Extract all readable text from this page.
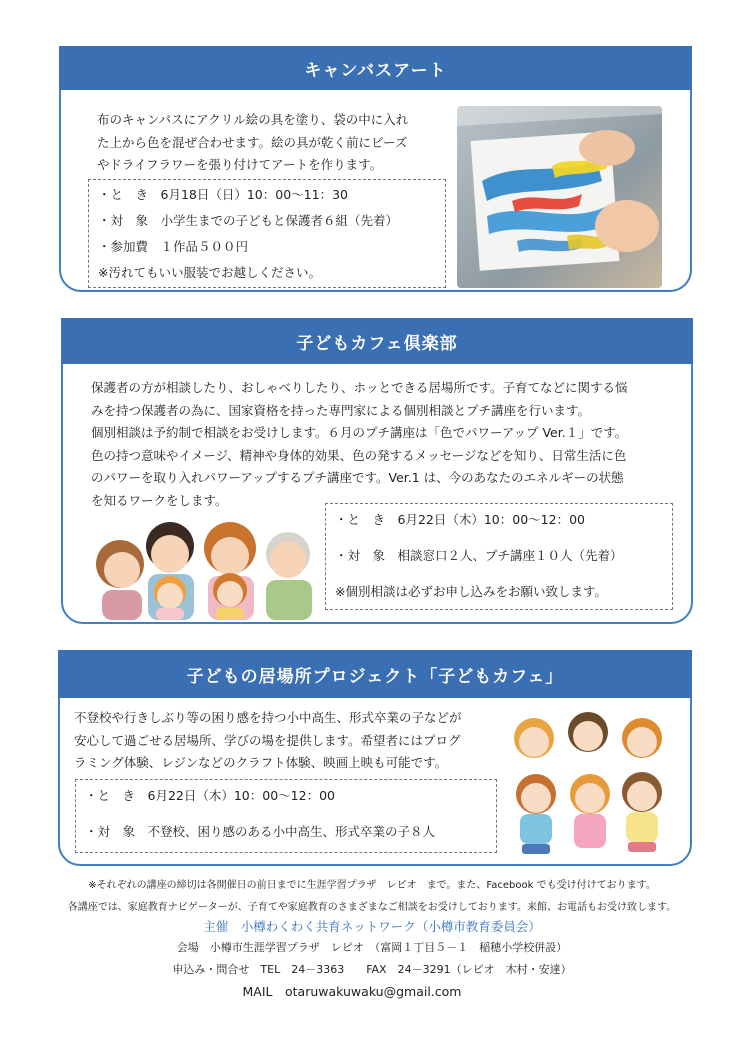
キャンバスアート
布のキャンバスにアクリル絵の具を塗り、袋の中に入れ
た上から色を混ぜ合わせます。絵の具が乾く前にビーズ
やドライフラワーを張り付けてアートを作ります。
・と　き　6月18日（日）10：00～11：30
・対　象　小学生までの子どもと保護者６組（先着）
・参加費　１作品５００円
※汚れてもいい服装でお越しください。
子どもカフェ倶楽部
保護者の方が相談したり、おしゃべりしたり、ホッとできる居場所です。子育てなどに関する悩
みを持つ保護者の為に、国家資格を持った専門家による個別相談とプチ講座を行います。
個別相談は予約制で相談をお受けします。６月のプチ講座は「色でパワーアップ Ver.１」です。
色の持つ意味やイメージ、精神や身体的効果、色の発するメッセージなどを知り、日常生活に色
のパワーを取り入れパワーアップするプチ講座です。Ver.1 は、今のあなたのエネルギーの状態
を知るワークをします。
・と　き　6月22日（木）10：00～12：00
・対　象　相談窓口２人、プチ講座１０人（先着）
※個別相談は必ずお申し込みをお願い致します。
子どもの居場所プロジェクト「子どもカフェ」
不登校や行きしぶり等の困り感を持つ小中高生、形式卒業の子などが
安心して過ごせる居場所、学びの場を提供します。希望者にはプログ
ラミング体験、レジンなどのクラフト体験、映画上映も可能です。
・と　き　6月22日（木）10：00～12：00
・対　象　不登校、困り感のある小中高生、形式卒業の子８人
※それぞれの講座の締切は各開催日の前日までに生涯学習プラザ　レピオ　まで。また、Facebook でも受け付けております。
各講座では、家庭教育ナビゲーターが、子育てや家庭教育のさまざまなご相談をお受けしております。来館、お電話もお受け致します。
主催　小樽わくわく共育ネットワーク（小樽市教育委員会）
会場　小樽市生涯学習プラザ　レピオ　（富岡１丁目５－１　稲穂小学校併設）
申込み・問合せ　TEL　24－3363　　FAX　24－3291（レピオ　木村・安達）
MAIL　otaruwakuwaku@gmail.com
